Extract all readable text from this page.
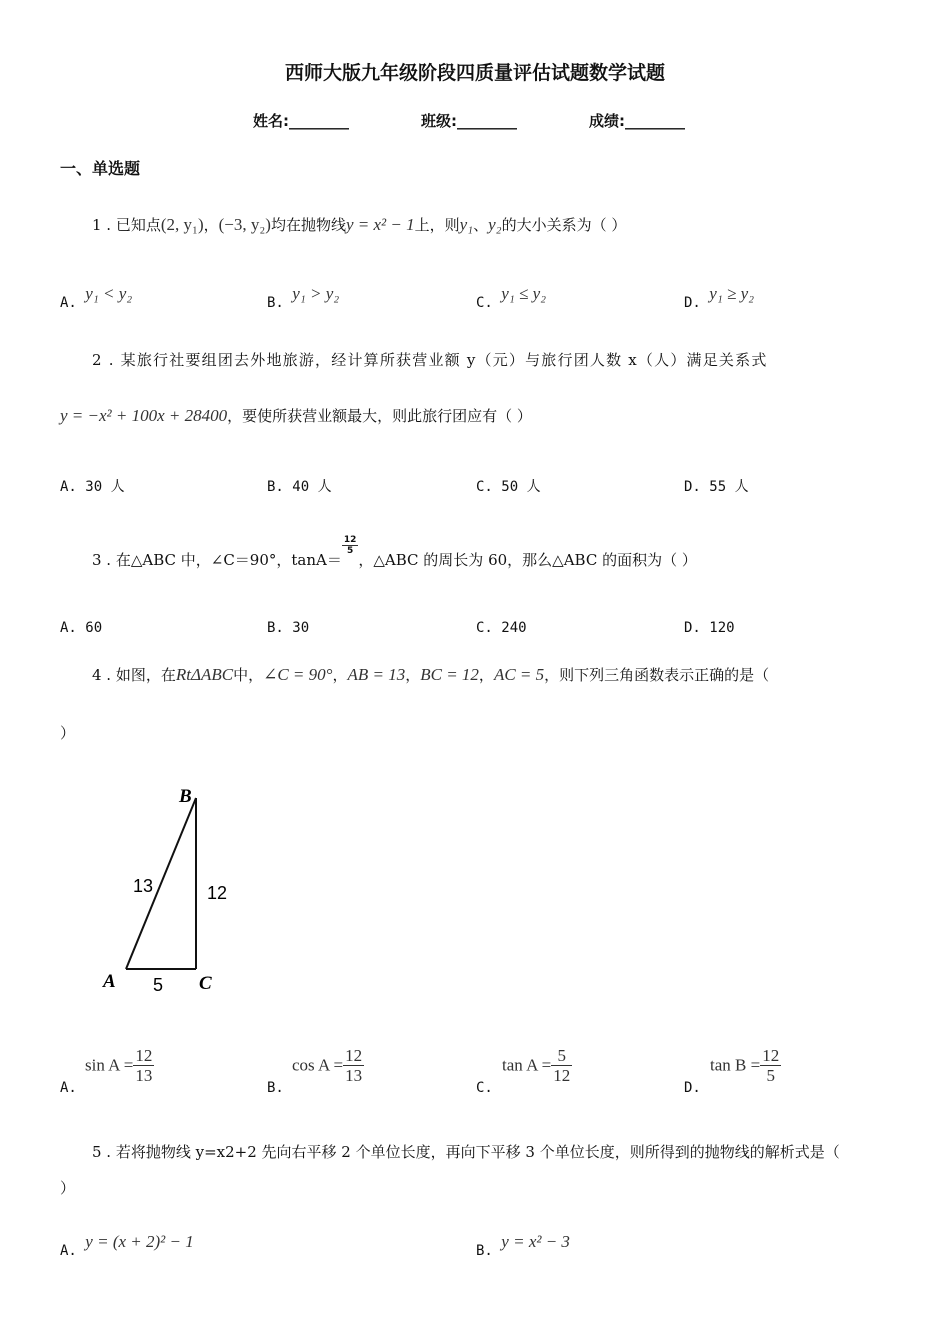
西师大版九年级阶段四质量评估试题数学试题
姓名:________	班级:________	成绩:________
一、单选题
1 . 已知点(2, y₁)，(−3, y₂)均在抛物线y = x² − 1上，则y₁、y₂的大小关系为（ ）
A. y₁ < y₂	B. y₁ > y₂	C. y₁ ≤ y₂	D. y₁ ≥ y₂
2 . 某旅行社要组团去外地旅游，经计算所获营业额 y（元）与旅行团人数 x（人）满足关系式
y = −x² + 100x + 28400，要使所获营业额最大，则此旅行团应有（ ）
A. 30 人	B. 40 人	C. 50 人	D. 55 人
3 . 在△ABC 中，∠C＝90°，tanA＝
$\frac{12}{5}$
，△ABC 的周长为 60，那么△ABC 的面积为（ ）
A. 60	B. 30	C. 240	D. 120
4 . 如图，在RtΔABC中，∠C = 90°，AB = 13，BC = 12，AC = 5，则下列三角函数表示正确的是（
）
B
A	C
13	12
5
A.
$\sin A = \frac{12}{13}$
B.
$\cos A = \frac{12}{13}$
C.
$\tan A = \frac{5}{12}$
D.
$\tan B = \frac{12}{5}$
5 . 若将抛物线 y=x2+2 先向右平移 2 个单位长度，再向下平移 3 个单位长度，则所得到的抛物线的解析式是（
）
A. y = (x + 2)² − 1	B. y = x² − 3
